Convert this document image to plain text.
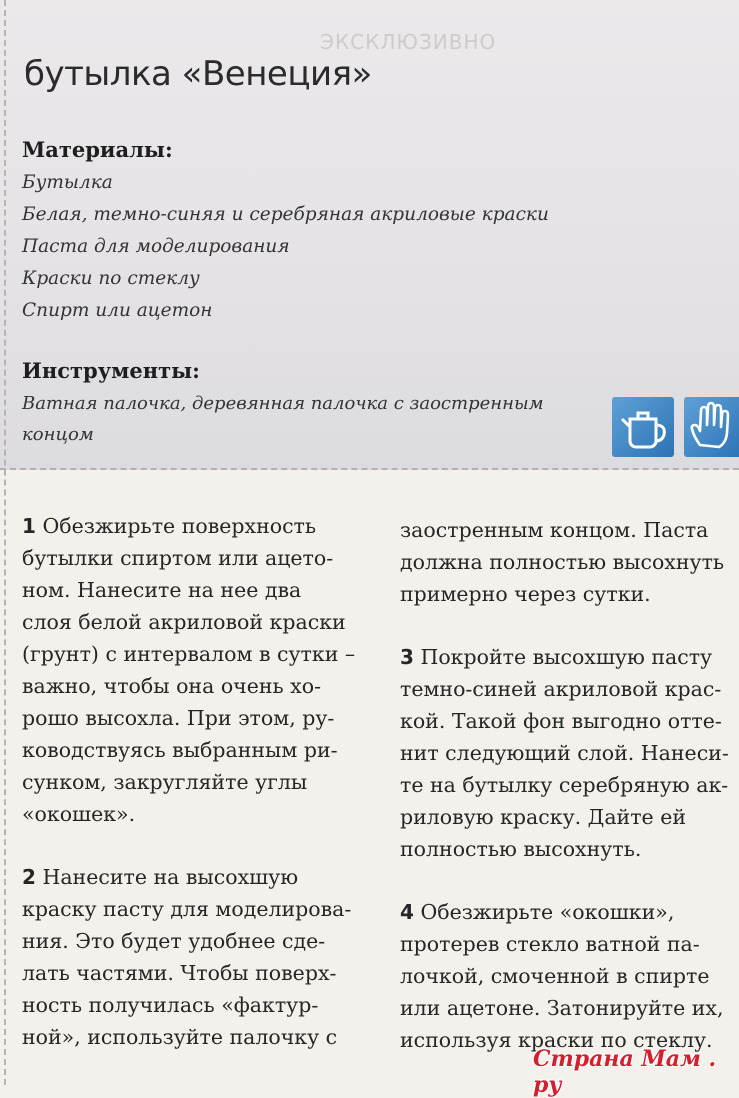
ЭКСКЛЮЗИВНО
бутылка «Венеция»
Материалы:
Бутылка
Белая, темно-синяя и серебряная акриловые краски
Паста для моделирования
Краски по стеклу
Спирт или ацетон
Инструменты:
Ватная палочка, деревянная палочка с заостренным
концом

1 Обезжирьте поверхность
бутылки спиртом или ацето-
ном. Нанесите на нее два
слоя белой акриловой краски
(грунт) с интервалом в сутки –
важно, чтобы она очень хо-
рошо высохла. При этом, ру-
ководствуясь выбранным ри-
сунком, закругляйте углы
«окошек».

2 Нанесите на высохшую
краску пасту для моделирова-
ния. Это будет удобнее сде-
лать частями. Чтобы поверх-
ность получилась «фактур-
ной», используйте палочку с

заостренным концом. Паста
должна полностью высохнуть
примерно через сутки.

3 Покройте высохшую пасту
темно-синей акриловой крас-
кой. Такой фон выгодно отте-
нит следующий слой. Нанеси-
те на бутылку серебряную ак-
риловую краску. Дайте ей
полностью высохнуть.

4 Обезжирьте «окошки»,
протерев стекло ватной па-
лочкой, смоченной в спирте
или ацетоне. Затонируйте их,
используя краски по стеклу.

Страна Мам . ру
